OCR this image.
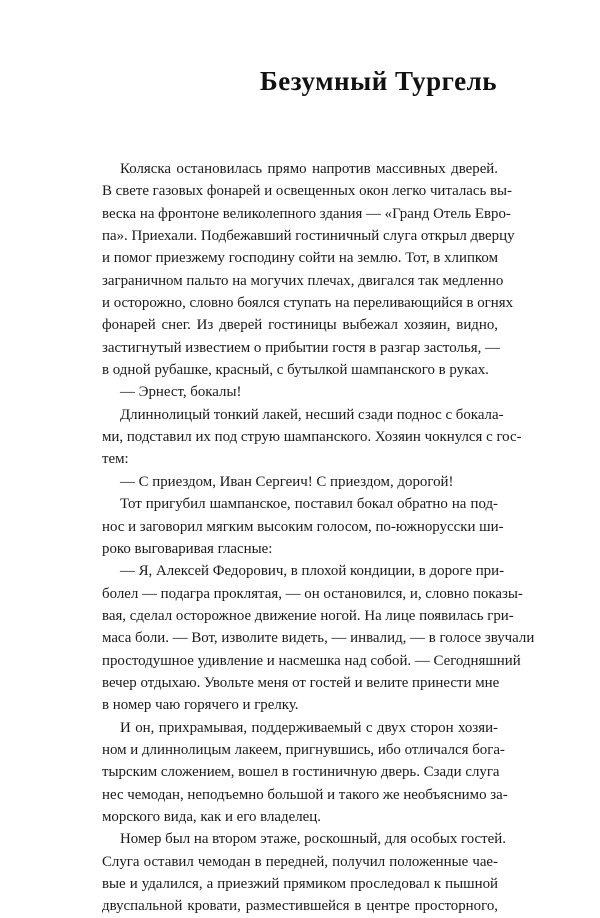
Безумный Тургель
Коляска остановилась прямо напротив массивных дверей.
В свете газовых фонарей и освещенных окон легко читалась вы-
веска на фронтоне великолепного здания — «Гранд Отель Евро-
па». Приехали. Подбежавший гостиничный слуга открыл дверцу
и помог приезжему господину сойти на землю. Тот, в хлипком
заграничном пальто на могучих плечах, двигался так медленно
и осторожно, словно боялся ступать на переливающийся в огнях
фонарей снег. Из дверей гостиницы выбежал хозяин, видно,
застигнутый известием о прибытии гостя в разгар застолья, —
в одной рубашке, красный, с бутылкой шампанского в руках.
— Эрнест, бокалы!
Длиннолицый тонкий лакей, несший сзади поднос с бокала-
ми, подставил их под струю шампанского. Хозяин чокнулся с гос-
тем:
— С приездом, Иван Сергеич! С приездом, дорогой!
Тот пригубил шампанское, поставил бокал обратно на под-
нос и заговорил мягким высоким голосом, по-южнорусски ши-
роко выговаривая гласные:
— Я, Алексей Федорович, в плохой кондиции, в дороге при-
болел — подагра проклятая, — он остановился, и, словно показы-
вая, сделал осторожное движение ногой. На лице появилась гри-
маса боли. — Вот, изволите видеть, — инвалид, — в голосе звучали
простодушное удивление и насмешка над собой. — Сегодняшний
вечер отдыхаю. Увольте меня от гостей и велите принести мне
в номер чаю горячего и грелку.
И он, прихрамывая, поддерживаемый с двух сторон хозяи-
ном и длиннолицым лакеем, пригнувшись, ибо отличался бога-
тырским сложением, вошел в гостиничную дверь. Сзади слуга
нес чемодан, неподъемно большой и такого же необъяснимо за-
морского вида, как и его владелец.
Номер был на втором этаже, роскошный, для особых гостей.
Слуга оставил чемодан в передней, получил положенные чае-
вые и удалился, а приезжий прямиком проследовал к пышной
двуспальной кровати, разместившейся в центре просторного,
